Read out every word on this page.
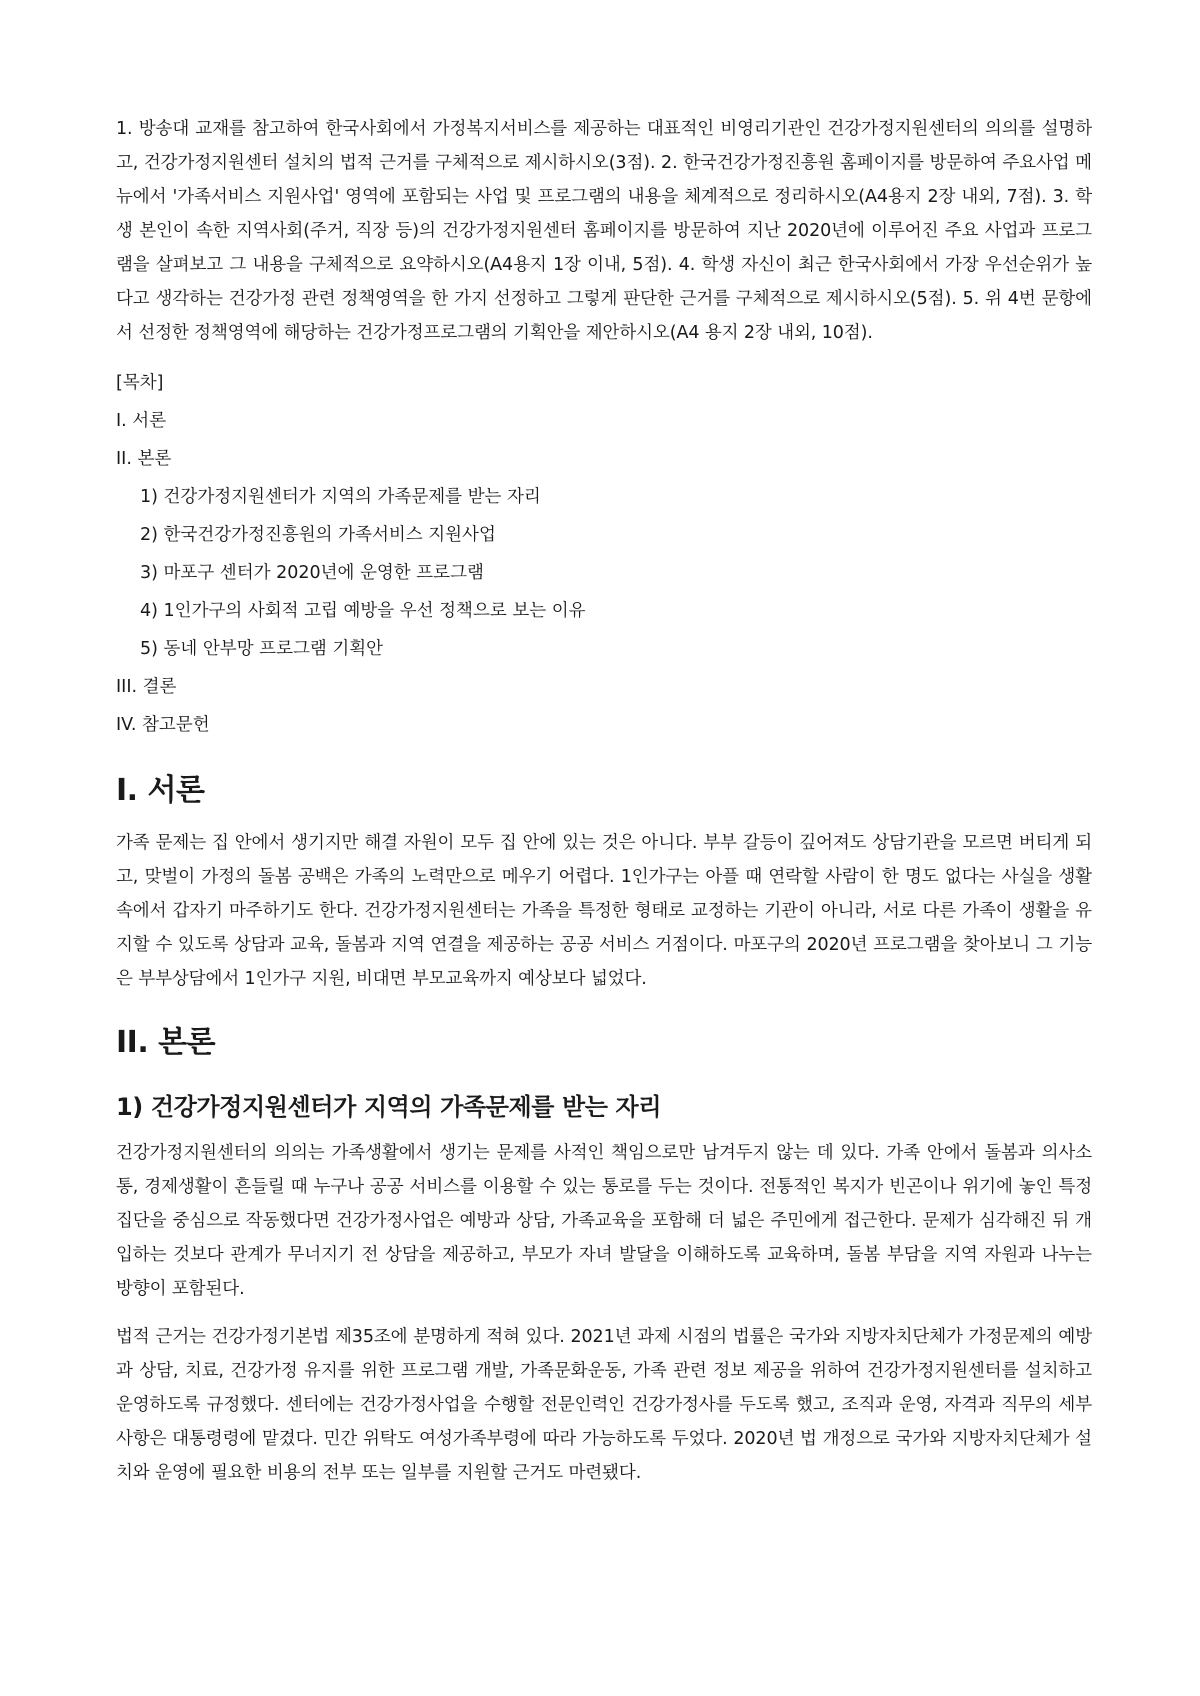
1. 방송대 교재를 참고하여 한국사회에서 가정복지서비스를 제공하는 대표적인 비영리기관인 건강가정지원센터의 의의를 설명하고, 건강가정지원센터 설치의 법적 근거를 구체적으로 제시하시오(3점). 2. 한국건강가정진흥원 홈페이지를 방문하여 주요사업 메뉴에서 '가족서비스 지원사업' 영역에 포함되는 사업 및 프로그램의 내용을 체계적으로 정리하시오(A4용지 2장 내외, 7점). 3. 학생 본인이 속한 지역사회(주거, 직장 등)의 건강가정지원센터 홈페이지를 방문하여 지난 2020년에 이루어진 주요 사업과 프로그램을 살펴보고 그 내용을 구체적으로 요약하시오(A4용지 1장 이내, 5점). 4. 학생 자신이 최근 한국사회에서 가장 우선순위가 높다고 생각하는 건강가정 관련 정책영역을 한 가지 선정하고 그렇게 판단한 근거를 구체적으로 제시하시오(5점). 5. 위 4번 문항에서 선정한 정책영역에 해당하는 건강가정프로그램의 기획안을 제안하시오(A4 용지 2장 내외, 10점).

[목차]

I. 서론

II. 본론

1) 건강가정지원센터가 지역의 가족문제를 받는 자리

2) 한국건강가정진흥원의 가족서비스 지원사업

3) 마포구 센터가 2020년에 운영한 프로그램

4) 1인가구의 사회적 고립 예방을 우선 정책으로 보는 이유

5) 동네 안부망 프로그램 기획안

III. 결론

IV. 참고문헌

I. 서론

가족 문제는 집 안에서 생기지만 해결 자원이 모두 집 안에 있는 것은 아니다. 부부 갈등이 깊어져도 상담기관을 모르면 버티게 되고, 맞벌이 가정의 돌봄 공백은 가족의 노력만으로 메우기 어렵다. 1인가구는 아플 때 연락할 사람이 한 명도 없다는 사실을 생활 속에서 갑자기 마주하기도 한다. 건강가정지원센터는 가족을 특정한 형태로 교정하는 기관이 아니라, 서로 다른 가족이 생활을 유지할 수 있도록 상담과 교육, 돌봄과 지역 연결을 제공하는 공공 서비스 거점이다. 마포구의 2020년 프로그램을 찾아보니 그 기능은 부부상담에서 1인가구 지원, 비대면 부모교육까지 예상보다 넓었다.

II. 본론
1) 건강가정지원센터가 지역의 가족문제를 받는 자리

건강가정지원센터의 의의는 가족생활에서 생기는 문제를 사적인 책임으로만 남겨두지 않는 데 있다. 가족 안에서 돌봄과 의사소통, 경제생활이 흔들릴 때 누구나 공공 서비스를 이용할 수 있는 통로를 두는 것이다. 전통적인 복지가 빈곤이나 위기에 놓인 특정 집단을 중심으로 작동했다면 건강가정사업은 예방과 상담, 가족교육을 포함해 더 넓은 주민에게 접근한다. 문제가 심각해진 뒤 개입하는 것보다 관계가 무너지기 전 상담을 제공하고, 부모가 자녀 발달을 이해하도록 교육하며, 돌봄 부담을 지역 자원과 나누는 방향이 포함된다.

법적 근거는 건강가정기본법 제35조에 분명하게 적혀 있다. 2021년 과제 시점의 법률은 국가와 지방자치단체가 가정문제의 예방과 상담, 치료, 건강가정 유지를 위한 프로그램 개발, 가족문화운동, 가족 관련 정보 제공을 위하여 건강가정지원센터를 설치하고 운영하도록 규정했다. 센터에는 건강가정사업을 수행할 전문인력인 건강가정사를 두도록 했고, 조직과 운영, 자격과 직무의 세부 사항은 대통령령에 맡겼다. 민간 위탁도 여성가족부령에 따라 가능하도록 두었다. 2020년 법 개정으로 국가와 지방자치단체가 설치와 운영에 필요한 비용의 전부 또는 일부를 지원할 근거도 마련됐다.
